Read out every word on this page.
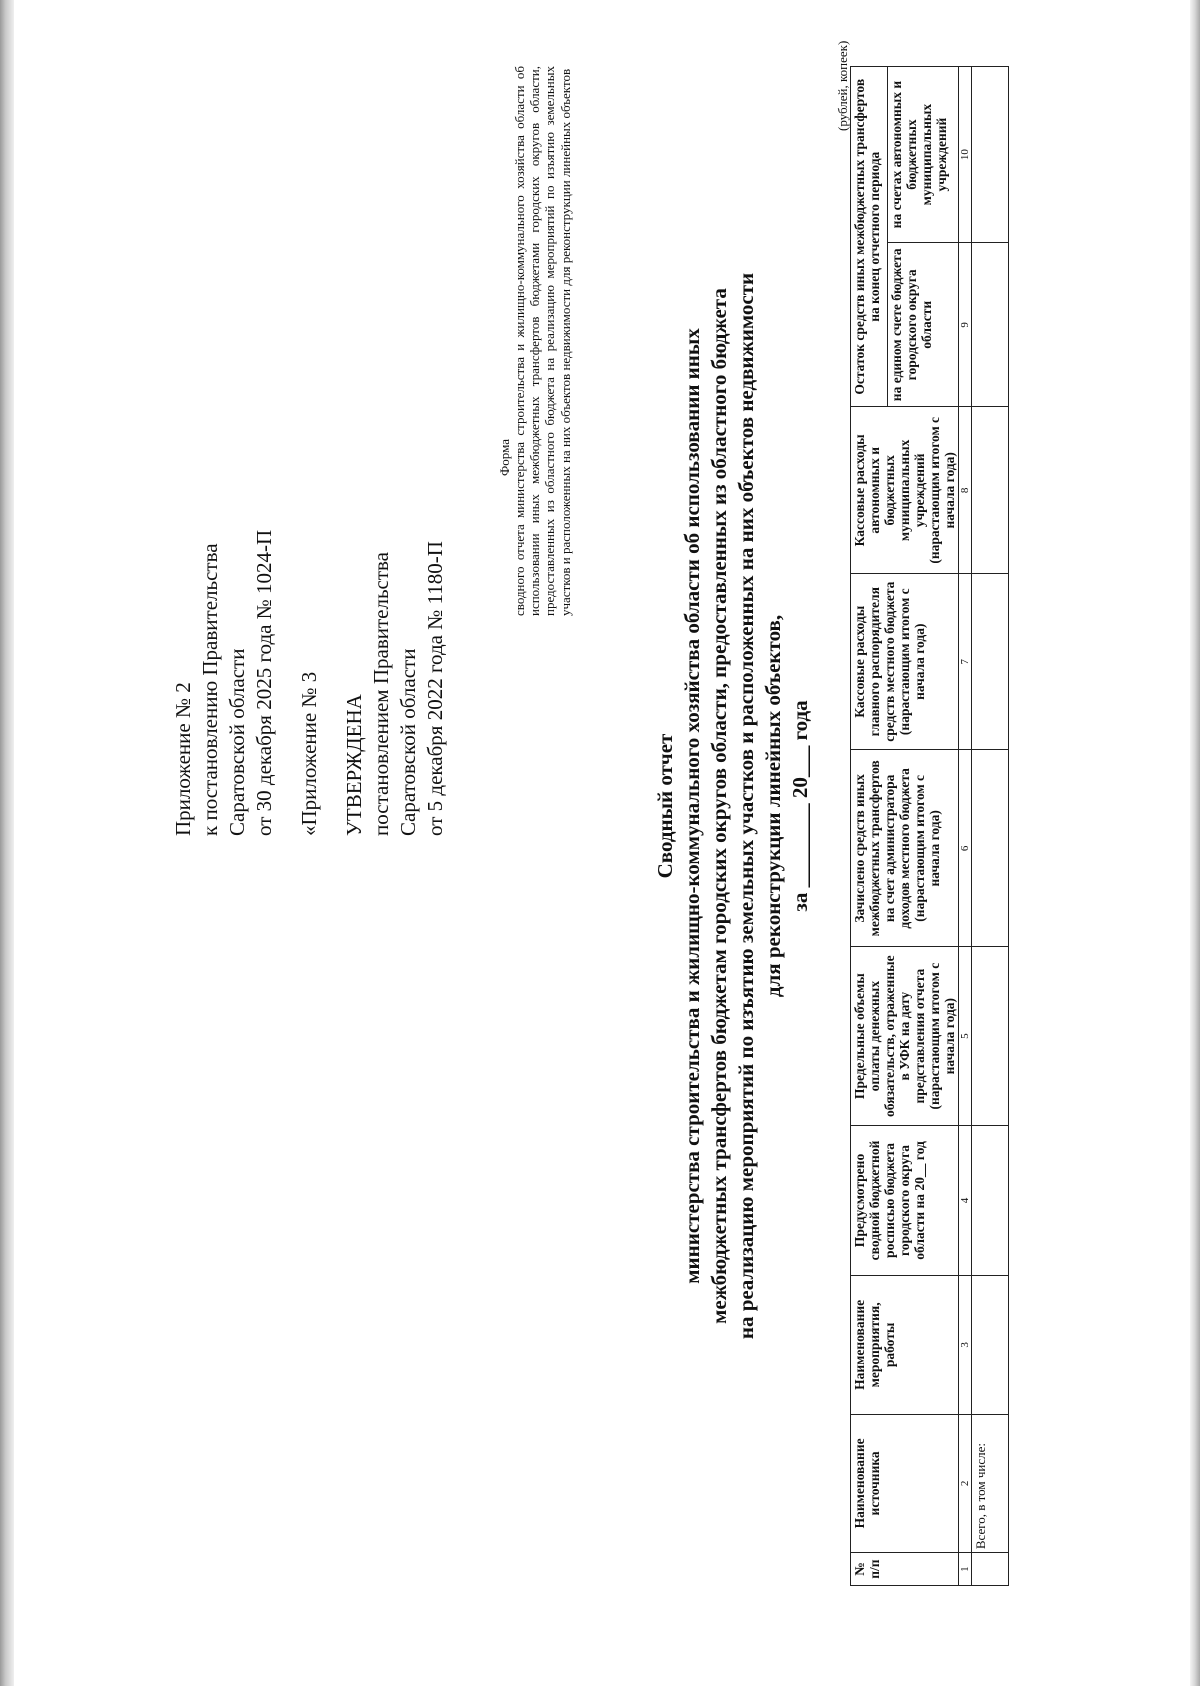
Приложение № 2 к постановлению Правительства Саратовской области от 30 декабря 2025 года № 1024-П «Приложение № 3 УТВЕРЖДЕНА постановлением Правительства Саратовской области от 5 декабря 2022 года № 1180-П
Форма сводного отчета министерства строительства и жилищно-коммунального хозяйства области об использовании иных межбюджетных трансфертов бюджетами городских округов области, предоставленных из областного бюджета на реализацию мероприятий по изъятию земельных участков и расположенных на них объектов недвижимости для реконструкции линейных объектов
Сводный отчет министерства строительства и жилищно-коммунального хозяйства области об использовании иных межбюджетных трансфертов бюджетам городских округов области, предоставленных из областного бюджета на реализацию мероприятий по изъятию земельных участков и расположенных на них объектов недвижимости для реконструкции линейных объектов, за ________ 20___ года
(рублей, копеек)
№ п/п	Наименование источника	Наименование мероприятия, работы	Предусмотрено сводной бюджетной росписью бюджета городского округа области на 20__ год	Предельные объемы оплаты денежных обязательств, отраженные в УФК на дату представления отчета (нарастающим итогом с начала года)	Зачислено средств иных межбюджетных трансфертов на счет администратора доходов местного бюджета (нарастающим итогом с начала года)	Кассовые расходы главного распорядителя средств местного бюджета (нарастающим итогом с начала года)	Кассовые расходы автономных и бюджетных муниципальных учреждений (нарастающим итогом с начала года)	Остаток средств иных межбюджетных трансфертов на конец отчетного периода	
								на едином счете бюджета городского округа области	на счетах автономных и бюджетных муниципальных учреждений
1	2	3	4	5	6	7	8	9	10
	Всего, в том числе:								
